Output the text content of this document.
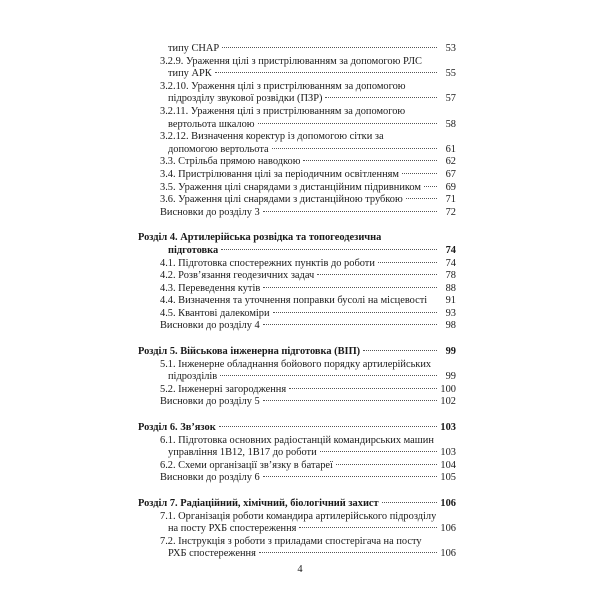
типу СНАР	53
3.2.9. Ураження цілі з пристрілюванням за допомогою РЛС
типу АРК	55
3.2.10. Ураження цілі з пристрілюванням за допомогою
підрозділу звукової розвідки (ПЗР)	57
3.2.11. Ураження цілі з пристрілюванням за допомогою
вертольота шкалою	58
3.2.12. Визначення коректур із допомогою сітки за
допомогою вертольота	61
3.3. Стрільба прямою наводкою	62
3.4. Пристрілювання цілі за періодичним освітленням	67
3.5. Ураження цілі снарядами з дистанційним підривником	69
3.6. Ураження цілі снарядами з дистанційною трубкою	71
Висновки до розділу 3	72
Розділ 4. Артилерійська розвідка та топогеодезична
підготовка	74
4.1. Підготовка спостережних пунктів до роботи	74
4.2. Розв’язання геодезичних задач	78
4.3. Переведення кутів	88
4.4. Визначення та уточнення поправки бусолі на місцевості	91
4.5. Квантові далекоміри	93
Висновки до розділу 4	98
Розділ 5. Військова інженерна підготовка (ВІП)	99
5.1. Інженерне обладнання бойового порядку артилерійських
підрозділів	99
5.2. Інженерні загородження	100
Висновки до розділу 5	102
Розділ 6. Зв’язок	103
6.1. Підготовка основних радіостанцій командирських машин
управління 1В12, 1В17 до роботи	103
6.2. Схеми організації зв’язку в батареї	104
Висновки до розділу 6	105
Розділ 7. Радіаційний, хімічний, біологічний захист	106
7.1. Організація роботи командира артилерійського підрозділу
на посту РХБ спостереження	106
7.2. Інструкція з роботи з приладами спостерігача на посту
РХБ спостереження	106
4
